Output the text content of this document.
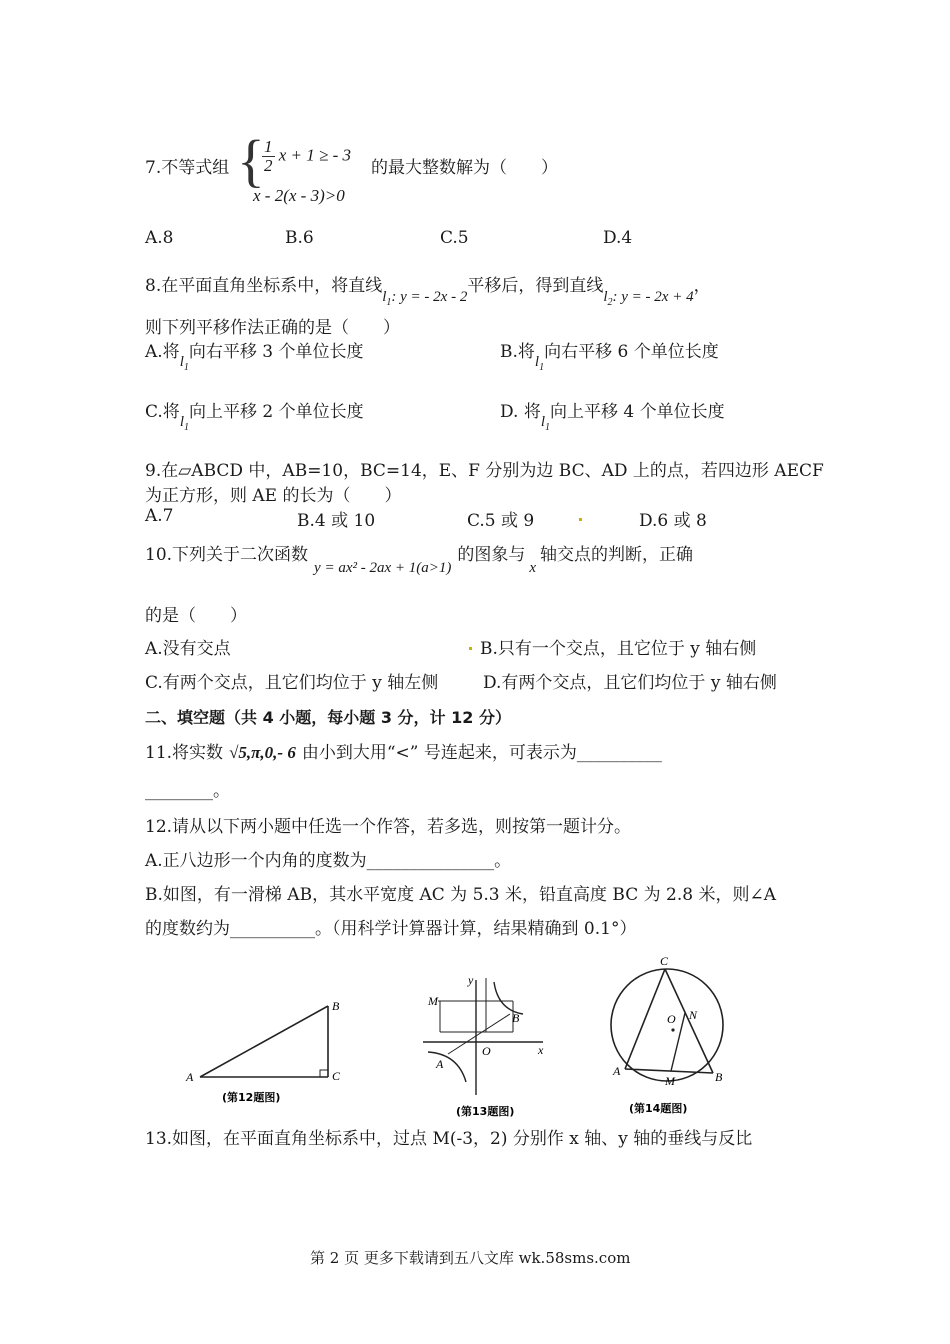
7.不等式组 {
$\frac{1}{2}$ x + 1 ≥ - 3
x - 2(x - 3)>0
的最大整数解为（　　）
A.8	B.6	C.5	D.4
8.在平面直角坐标系中，将直线$l_1$: y = - 2x - 2平移后，得到直线$l_2$: y = - 2x + 4，
则下列平移作法正确的是（　　）
A.将$l_1$向右平移 3 个单位长度	B.将$l_1$向右平移 6 个单位长度
C.将$l_1$向上平移 2 个单位长度	D. 将$l_1$向上平移 4 个单位长度
9.在▱ABCD 中，AB=10，BC=14，E、F 分别为边 BC、AD 上的点，若四边形 AECF
为正方形，则 AE 的长为（　　）
A.7	B.4 或 10	C.5 或 9	D.6 或 8
10.下列关于二次函数y = ax² - 2ax + 1(a>1)的图象与x轴交点的判断，正确
的是（　　）
A.没有交点	B.只有一个交点，且它位于 y 轴右侧
C.有两个交点，且它们均位于 y 轴左侧	D.有两个交点，且它们均位于 y 轴右侧
二、填空题（共 4 小题，每小题 3 分，计 12 分）
11.将实数 √5,π,0,- 6 由小到大用“<” 号连起来，可表示为__________
________。
12.请从以下两小题中任选一个作答，若多选，则按第一题计分。
A.正八边形一个内角的度数为_______________。
B.如图，有一滑梯 AB，其水平宽度 AC 为 5.3 米，铅直高度 BC 为 2.8 米，则∠A
的度数约为__________。（用科学计算器计算，结果精确到 0.1°）
A
B
C
(第12题图)
y
M
B
O	x
A
(第13题图)
C
O N
A
M	B
(第14题图)
13.如图，在平面直角坐标系中，过点 M(-3，2) 分别作 x 轴、y 轴的垂线与反比
第 2 页 更多下载请到五八文库 wk.58sms.com
